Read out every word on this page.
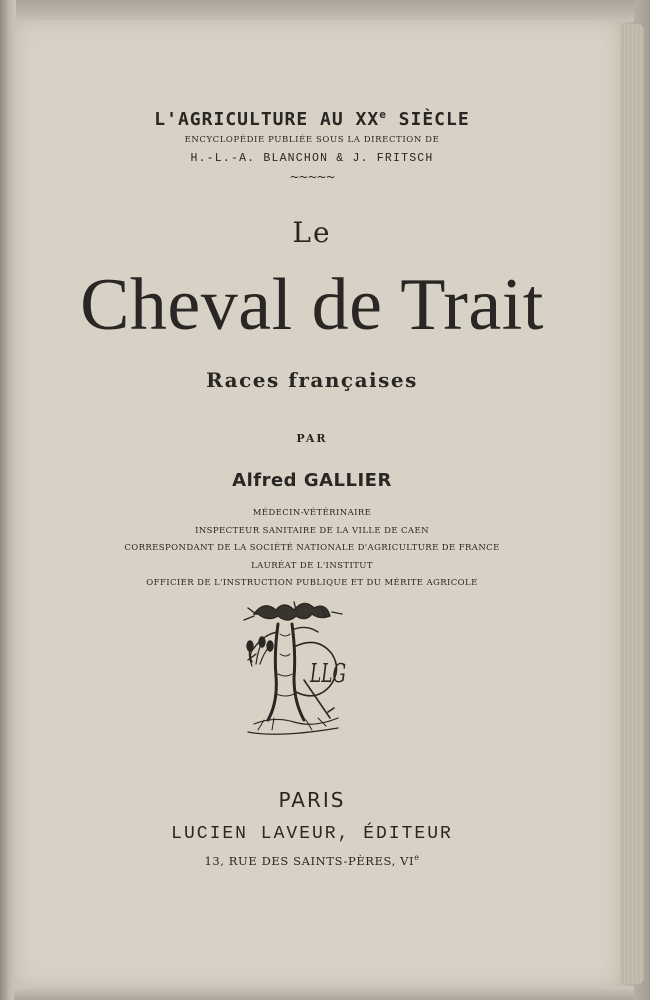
L'AGRICULTURE AU XXe SIÈCLE
ENCYCLOPÉDIE PUBLIÉE SOUS LA DIRECTION DE
H.-L.-A. BLANCHON & J. FRITSCH
~~~~~
Le
Cheval de Trait
Races françaises
PAR
Alfred GALLIER
MÉDECIN-VÉTÉRINAIRE
INSPECTEUR SANITAIRE DE LA VILLE DE CAEN
CORRESPONDANT DE LA SOCIÉTÉ NATIONALE D'AGRICULTURE DE FRANCE
LAURÉAT DE L'INSTITUT
OFFICIER DE L'INSTRUCTION PUBLIQUE ET DU MÉRITE AGRICOLE
LLG
PARIS
LUCIEN LAVEUR, ÉDITEUR
13, RUE DES SAINTS-PÈRES, VIe
